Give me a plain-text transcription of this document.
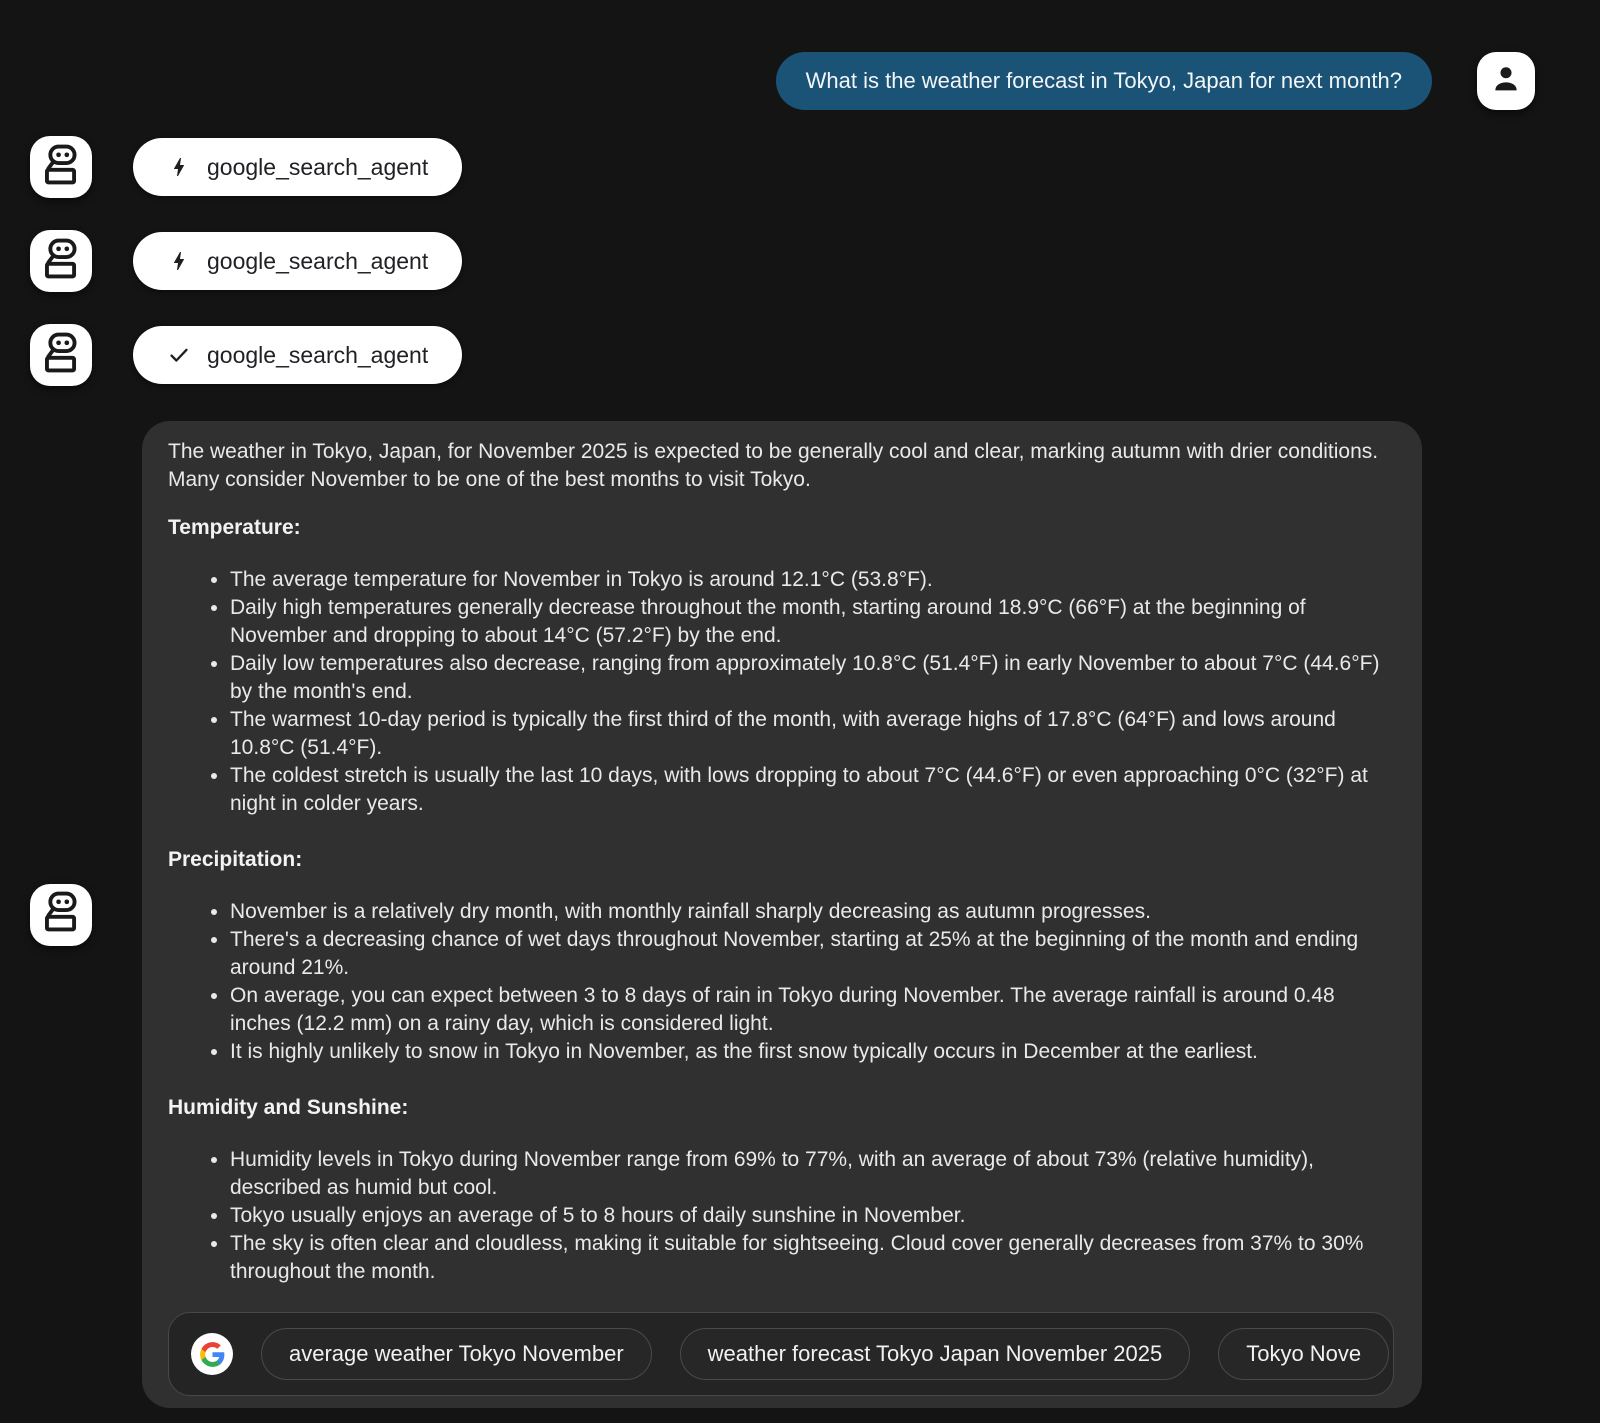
What is the weather forecast in Tokyo, Japan for next month?
google_search_agent
google_search_agent
google_search_agent

The weather in Tokyo, Japan, for November 2025 is expected to be generally cool and clear, marking autumn with drier conditions. Many consider November to be one of the best months to visit Tokyo.

Temperature:
• The average temperature for November in Tokyo is around 12.1°C (53.8°F).
• Daily high temperatures generally decrease throughout the month, starting around 18.9°C (66°F) at the beginning of November and dropping to about 14°C (57.2°F) by the end.
• Daily low temperatures also decrease, ranging from approximately 10.8°C (51.4°F) in early November to about 7°C (44.6°F) by the month's end.
• The warmest 10-day period is typically the first third of the month, with average highs of 17.8°C (64°F) and lows around 10.8°C (51.4°F).
• The coldest stretch is usually the last 10 days, with lows dropping to about 7°C (44.6°F) or even approaching 0°C (32°F) at night in colder years.
Precipitation:
• November is a relatively dry month, with monthly rainfall sharply decreasing as autumn progresses.
• There's a decreasing chance of wet days throughout November, starting at 25% at the beginning of the month and ending around 21%.
• On average, you can expect between 3 to 8 days of rain in Tokyo during November. The average rainfall is around 0.48 inches (12.2 mm) on a rainy day, which is considered light.
• It is highly unlikely to snow in Tokyo in November, as the first snow typically occurs in December at the earliest.
Humidity and Sunshine:
• Humidity levels in Tokyo during November range from 69% to 77%, with an average of about 73% (relative humidity), described as humid but cool.
• Tokyo usually enjoys an average of 5 to 8 hours of daily sunshine in November.
• The sky is often clear and cloudless, making it suitable for sightseeing. Cloud cover generally decreases from 37% to 30% throughout the month.
average weather Tokyo November	weather forecast Tokyo Japan November 2025	Tokyo Nove
